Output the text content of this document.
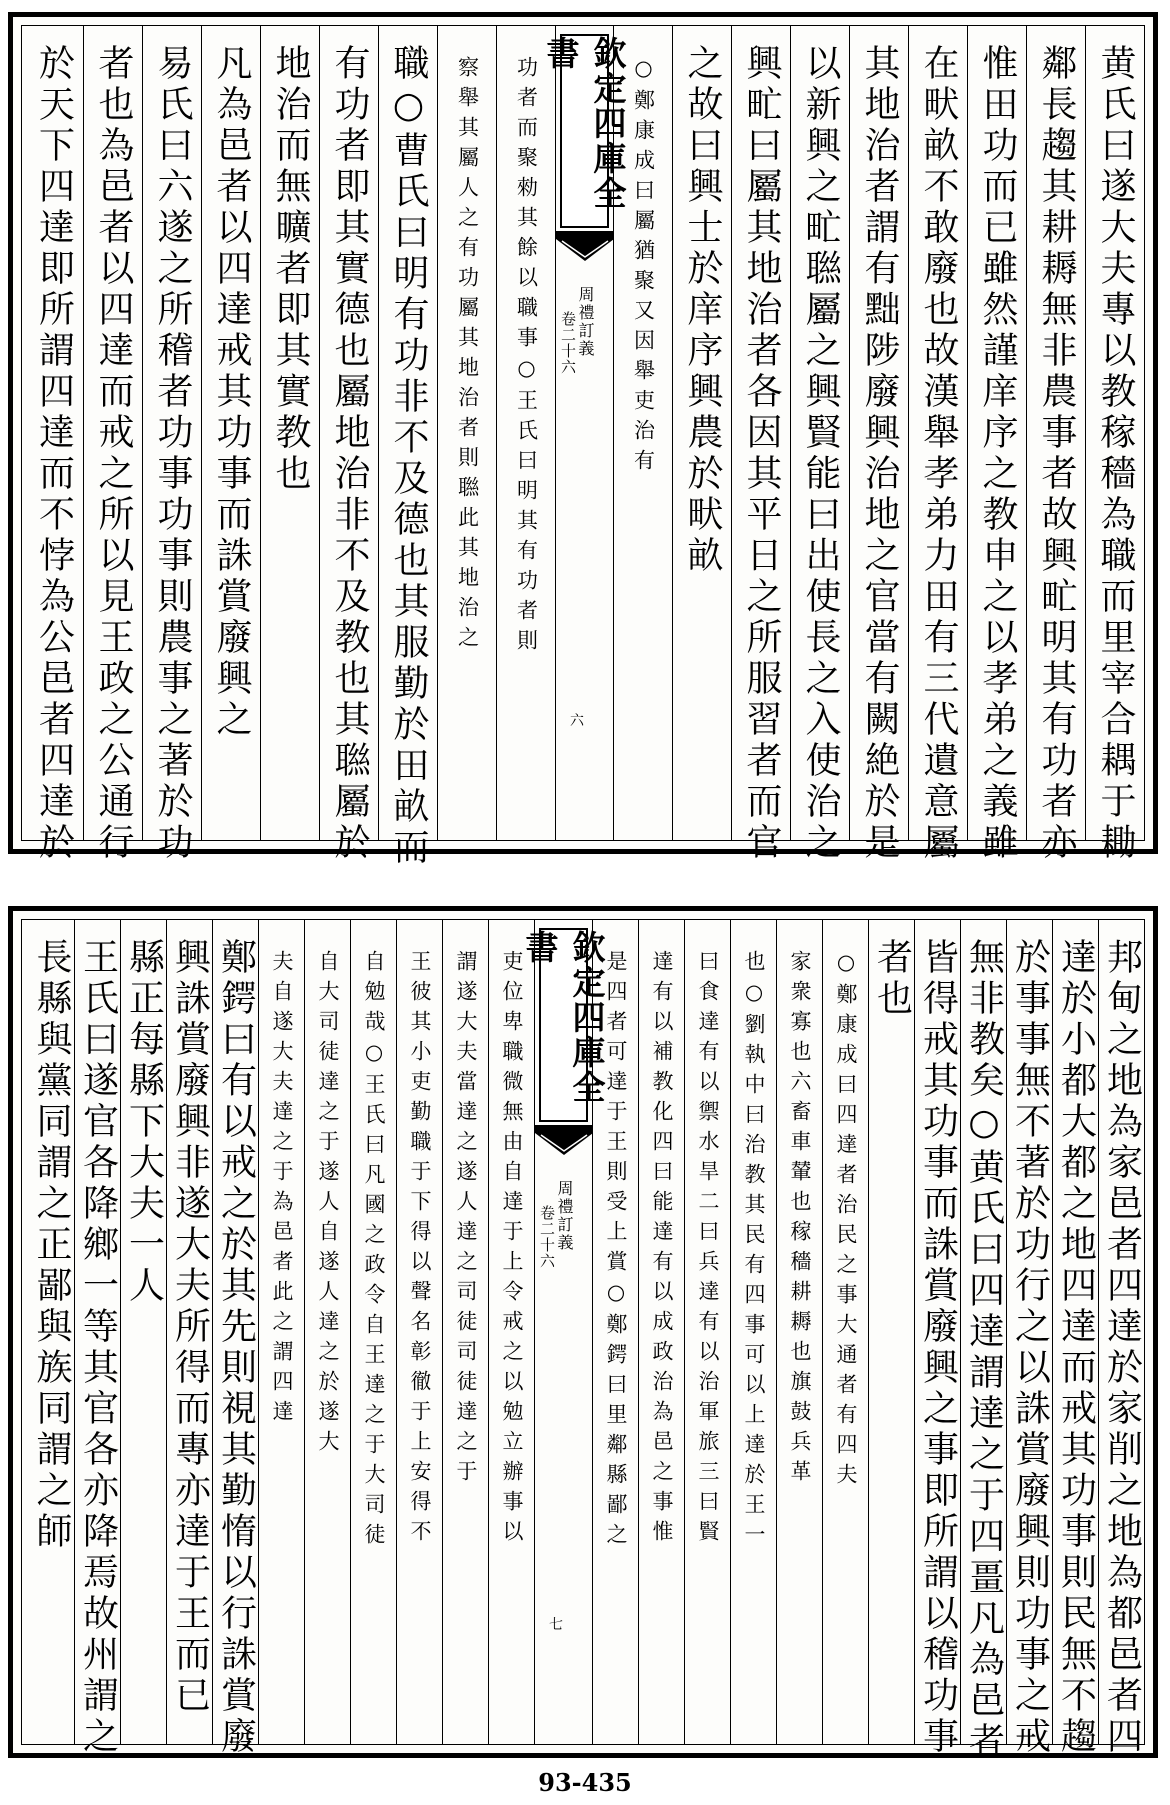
黄氏曰遂大夫專以教稼穡為職而里宰合耦于耡
鄰長趨其耕耨無非農事者故興甿明其有功者亦
惟田功而已雖然謹庠序之教申之以孝弟之義雖
在畎畝不敢廢也故漢舉孝弟力田有三代遺意屬
其地治者謂有黜陟廢興治地之官當有闕絶於是
以新興之甿聮屬之興賢能曰出使長之入使治之
興甿曰屬其地治者各因其平日之所服習者而官
之故曰興士於庠序興農於畎畝
○鄭康成曰屬猶聚又因舉吏治有
欽定四庫全書
周禮訂義
卷二十六
六
功者而聚勑其餘以職事○王氏曰明其有功者則
察舉其屬人之有功屬其地治者則聮此其地治之
職○曹氏曰明有功非不及德也其服勤於田畝而
有功者即其實德也屬地治非不及教也其聮屬於
地治而無曠者即其實教也
凡為邑者以四達戒其功事而誅賞廢興之
易氏曰六遂之所稽者功事功事則農事之著於功
者也為邑者以四達而戒之所以見王政之公通行
於天下四達即所謂四達而不悖為公邑者四達於
邦甸之地為家邑者四達於家削之地為都邑者四
達於小都大都之地四達而戒其功事則民無不趨
於事事無不著於功行之以誅賞廢興則功事之戒
無非教矣○黄氏曰四達謂達之于四畺凡為邑者
皆得戒其功事而誅賞廢興之事即所謂以稽功事
者也
○鄭康成曰四達者治民之事大通者有四夫
家衆寡也六畜車輦也稼穡耕耨也旗鼓兵革
也○劉執中曰治教其民有四事可以上達於王一
曰食達有以禦水旱二曰兵達有以治軍旅三曰賢
達有以補教化四曰能達有以成政治為邑之事惟
是四者可達于王則受上賞○鄭鍔曰里鄰縣鄙之
欽定四庫全書
周禮訂義
卷二十六
七
吏位卑職微無由自達于上令戒之以勉立辦事以
謂遂大夫當達之遂人達之司徒司徒達之于
王彼其小吏勤職于下得以聲名彰徹于上安得不
自勉哉○王氏曰凡國之政令自王達之于大司徒
自大司徒達之于遂人自遂人達之於遂大
夫自遂大夫達之于為邑者此之謂四達
鄭鍔曰有以戒之於其先則視其勤惰以行誅賞廢
興誅賞廢興非遂大夫所得而專亦達于王而已
縣正每縣下大夫一人
王氏曰遂官各降鄉一等其官各亦降焉故州謂之
長縣與黨同謂之正鄙與族同謂之師
93-435
